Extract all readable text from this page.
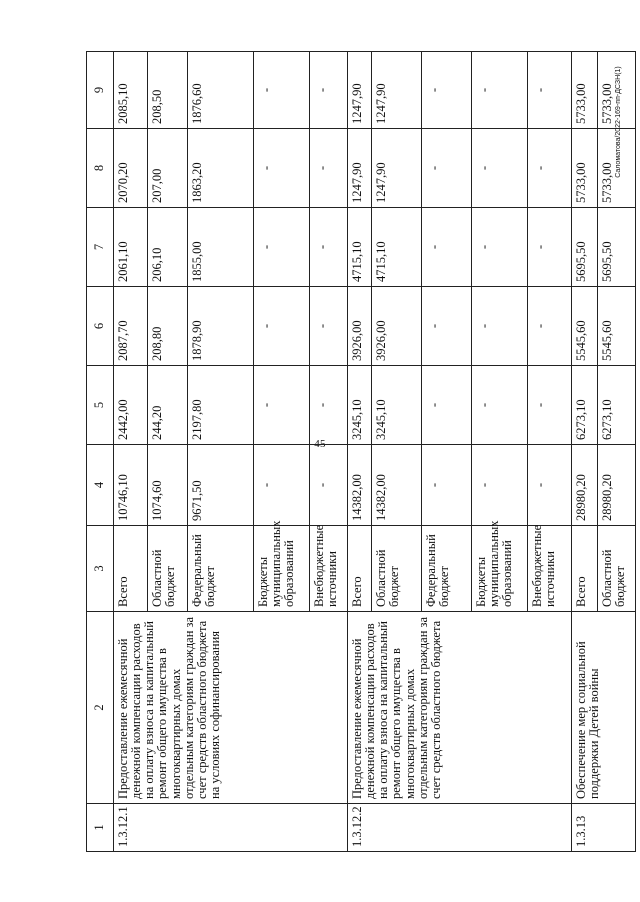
45
Саломатова/2022-169-пп-ДСЗН(1)
1	2	3	4	5	6	7	8	9
1.3.12.1	Предоставление ежемесячной денежной компенсации расходов на оплату взноса на капитальный ремонт общего имущества в многоквартирных домах отдельным категориям граждан за счет средств областного бюджета на условиях софинансирования	Всего	10746,10	2442,00	2087,70	2061,10	2070,20	2085,10
		Областной бюджет	1074,60	244,20	208,80	206,10	207,00	208,50
		Федеральный бюджет	9671,50	2197,80	1878,90	1855,00	1863,20	1876,60
		Бюджеты муниципальных образований	-	-	-	-	-	-
		Внебюджетные источники	-	-	-	-	-	-
1.3.12.2	Предоставление ежемесячной денежной компенсации расходов на оплату взноса на капитальный ремонт общего имущества в многоквартирных домах отдельным категориям граждан за счет средств областного бюджета	Всего	14382,00	3245,10	3926,00	4715,10	1247,90	1247,90
		Областной бюджет	14382,00	3245,10	3926,00	4715,10	1247,90	1247,90
		Федеральный бюджет	-	-	-	-	-	-
		Бюджеты муниципальных образований	-	-	-	-	-	-
		Внебюджетные источники	-	-	-	-	-	-
1.3.13	Обеспечение мер социальной поддержки Детей войны	Всего	28980,20	6273,10	5545,60	5695,50	5733,00	5733,00
		Областной бюджет	28980,20	6273,10	5545,60	5695,50	5733,00	5733,00
